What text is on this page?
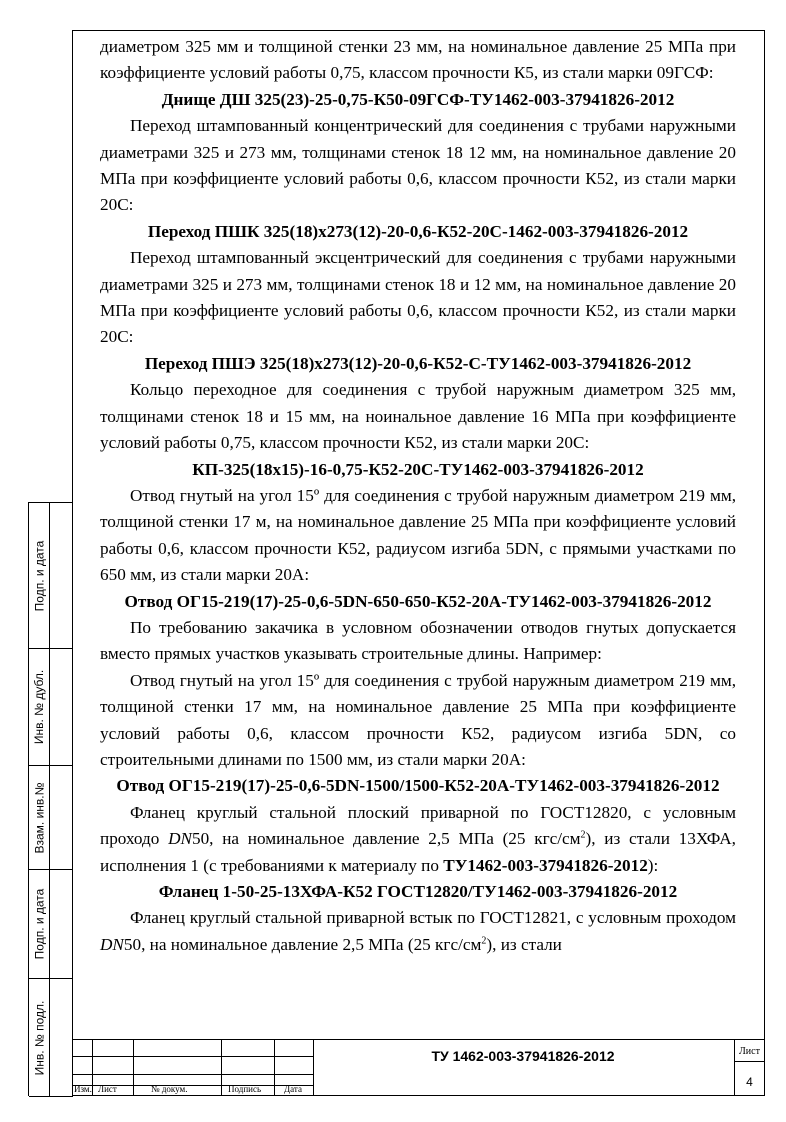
Подп. и дата
Инв. № дубл.
Взам. инв.№
Подп. и дата
Инв. № подл.

диаметром 325 мм и толщиной стенки 23 мм, на номинальное давление 25 МПа при коэффициенте условий работы 0,75, классом прочности К5, из стали марки 09ГСФ:

Днище ДШ 325(23)-25-0,75-К50-09ГСФ-ТУ1462-003-37941826-2012

Переход штампованный концентрический для соединения с трубами наружными диаметрами 325 и 273 мм, толщинами стенок 18 12 мм, на номинальное давление 20 МПа при коэффициенте условий работы 0,6, классом прочности К52, из стали марки 20С:

Переход ПШК 325(18)х273(12)-20-0,6-К52-20С-1462-003-37941826-2012

Переход штампованный эксцентрический для соединения с трубами наружными диаметрами 325 и 273 мм, толщинами стенок 18 и 12 мм, на номинальное давление 20 МПа при коэффициенте условий работы 0,6, классом прочности К52, из стали марки 20С:

Переход ПШЭ 325(18)х273(12)-20-0,6-К52-С-ТУ1462-003-37941826-2012

Кольцо переходное для соединения с трубой наружным диаметром 325 мм, толщинами стенок 18 и 15 мм, на ноинальное давление 16 МПа при коэффициенте условий работы 0,75, классом прочности К52, из стали марки 20С:

КП-325(18х15)-16-0,75-К52-20С-ТУ1462-003-37941826-2012

Отвод гнутый на угол 15º для соединения с трубой наружным диаметром 219 мм, толщиной стенки 17 м, на номинальное давление 25 МПа при коэффициенте условий работы 0,6, классом прочности К52, радиусом изгиба 5DN, с прямыми участками по 650 мм, из стали марки 20А:

Отвод ОГ15-219(17)-25-0,6-5DN-650-650-К52-20А-ТУ1462-003-37941826-2012

По требованию закачика в условном обозначении отводов гнутых допускается вместо прямых участков указывать строительные длины. Например:

Отвод гнутый на угол 15º для соединения с трубой наружным диаметром 219 мм, толщиной стенки 17 мм, на номинальное давление 25 МПа при коэффициенте условий работы 0,6, классом прочности К52, радиусом изгиба 5DN, со строительными длинами по 1500 мм, из стали марки 20А:

Отвод ОГ15-219(17)-25-0,6-5DN-1500/1500-К52-20А-ТУ1462-003-37941826-2012

Фланец круглый стальной плоский приварной по ГОСТ12820, с условным проходо DN50, на номинальное давление 2,5 МПа (25 кгс/$см^2$), из стали 13ХФА, исполнения 1 (с требованиями к материалу по ТУ1462-003-37941826-2012):

Фланец 1-50-25-13ХФА-К52 ГОСТ12820/ТУ1462-003-37941826-2012

Фланец круглый стальной приварной встык по ГОСТ12821, с условным проходом DN50, на номинальное давление 2,5 МПа (25 кгс/$см^2$), из стали

Изм. Лист	№ докум.	Подпись	Дата
ТУ 1462-003-37941826-2012	Лист
4
